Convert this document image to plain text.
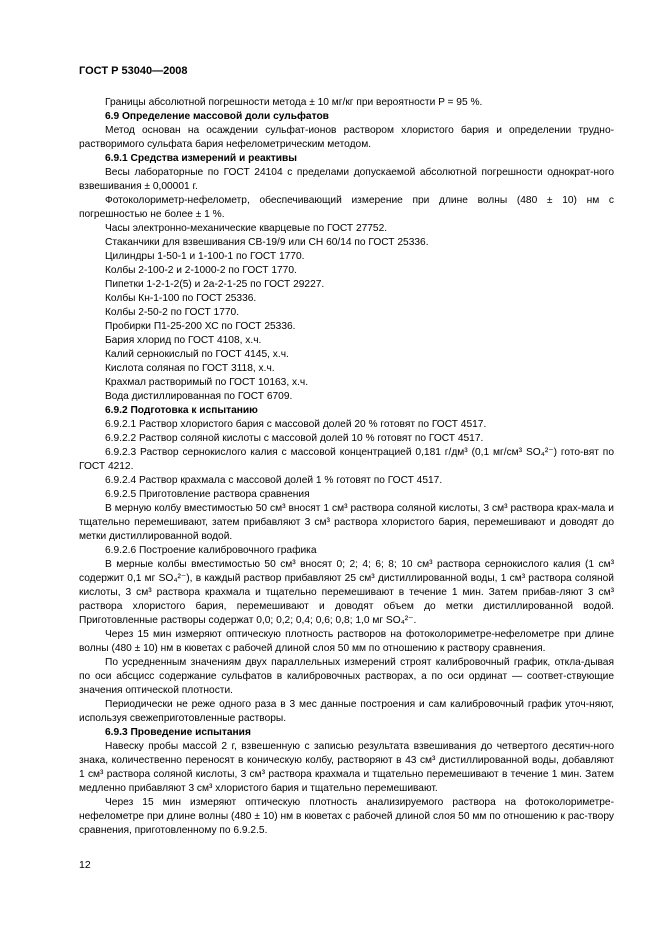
ГОСТ Р 53040—2008

Границы абсолютной погрешности метода ± 10 мг/кг при вероятности P = 95 %.

6.9 Определение массовой доли сульфатов

Метод основан на осаждении сульфат-ионов раствором хлористого бария и определении трудно-растворимого сульфата бария нефелометрическим методом.

6.9.1 Средства измерений и реактивы

Весы лабораторные по ГОСТ 24104 с пределами допускаемой абсолютной погрешности однократ-ного взвешивания ± 0,00001 г.

Фотоколориметр-нефелометр, обеспечивающий измерение при длине волны (480 ± 10) нм с погрешностью не более ± 1 %.

Часы электронно-механические кварцевые по ГОСТ 27752.

Стаканчики для взвешивания СВ-19/9 или СН 60/14 по ГОСТ 25336.

Цилиндры 1-50-1 и 1-100-1 по ГОСТ 1770.

Колбы 2-100-2 и 2-1000-2 по ГОСТ 1770.

Пипетки 1-2-1-2(5) и 2а-2-1-25 по ГОСТ 29227.

Колбы Кн-1-100 по ГОСТ 25336.

Колбы 2-50-2 по ГОСТ 1770.

Пробирки П1-25-200 ХС по ГОСТ 25336.

Бария хлорид по ГОСТ 4108, х.ч.

Калий сернокислый по ГОСТ 4145, х.ч.

Кислота соляная по ГОСТ 3118, х.ч.

Крахмал растворимый по ГОСТ 10163, х.ч.

Вода дистиллированная по ГОСТ 6709.

6.9.2 Подготовка к испытанию

6.9.2.1 Раствор хлористого бария с массовой долей 20 % готовят по ГОСТ 4517.

6.9.2.2 Раствор соляной кислоты с массовой долей 10 % готовят по ГОСТ 4517.

6.9.2.3 Раствор сернокислого калия с массовой концентрацией 0,181 г/дм³ (0,1 мг/см³ SO₄²⁻) гото-вят по ГОСТ 4212.

6.9.2.4 Раствор крахмала с массовой долей 1 % готовят по ГОСТ 4517.

6.9.2.5 Приготовление раствора сравнения

В мерную колбу вместимостью 50 см³ вносят 1 см³ раствора соляной кислоты, 3 см³ раствора крах-мала и тщательно перемешивают, затем прибавляют 3 см³ раствора хлористого бария, перемешивают и доводят до метки дистиллированной водой.

6.9.2.6 Построение калибровочного графика

В мерные колбы вместимостью 50 см³ вносят 0; 2; 4; 6; 8; 10 см³ раствора сернокислого калия (1 см³ содержит 0,1 мг SO₄²⁻), в каждый раствор прибавляют 25 см³ дистиллированной воды, 1 см³ раствора соляной кислоты, 3 см³ раствора крахмала и тщательно перемешивают в течение 1 мин. Затем прибав-ляют 3 см³ раствора хлористого бария, перемешивают и доводят объем до метки дистиллированной водой. Приготовленные растворы содержат 0,0; 0,2; 0,4; 0,6; 0,8; 1,0 мг SO₄²⁻.

Через 15 мин измеряют оптическую плотность растворов на фотоколориметре-нефелометре при длине волны (480 ± 10) нм в кюветах с рабочей длиной слоя 50 мм по отношению к раствору сравнения.

По усредненным значениям двух параллельных измерений строят калибровочный график, откла-дывая по оси абсцисс содержание сульфатов в калибровочных растворах, а по оси ординат — соответ-ствующие значения оптической плотности.

Периодически не реже одного раза в 3 мес данные построения и сам калибровочный график уточ-няют, используя свежеприготовленные растворы.

6.9.3 Проведение испытания

Навеску пробы массой 2 г, взвешенную с записью результата взвешивания до четвертого десятич-ного знака, количественно переносят в коническую колбу, растворяют в 43 см³ дистиллированной воды, добавляют 1 см³ раствора соляной кислоты, 3 см³ раствора крахмала и тщательно перемешивают в течение 1 мин. Затем медленно прибавляют 3 см³ хлористого бария и тщательно перемешивают.

Через 15 мин измеряют оптическую плотность анализируемого раствора на фотоколориметре-нефелометре при длине волны (480 ± 10) нм в кюветах с рабочей длиной слоя 50 мм по отношению к рас-твору сравнения, приготовленному по 6.9.2.5.

12
